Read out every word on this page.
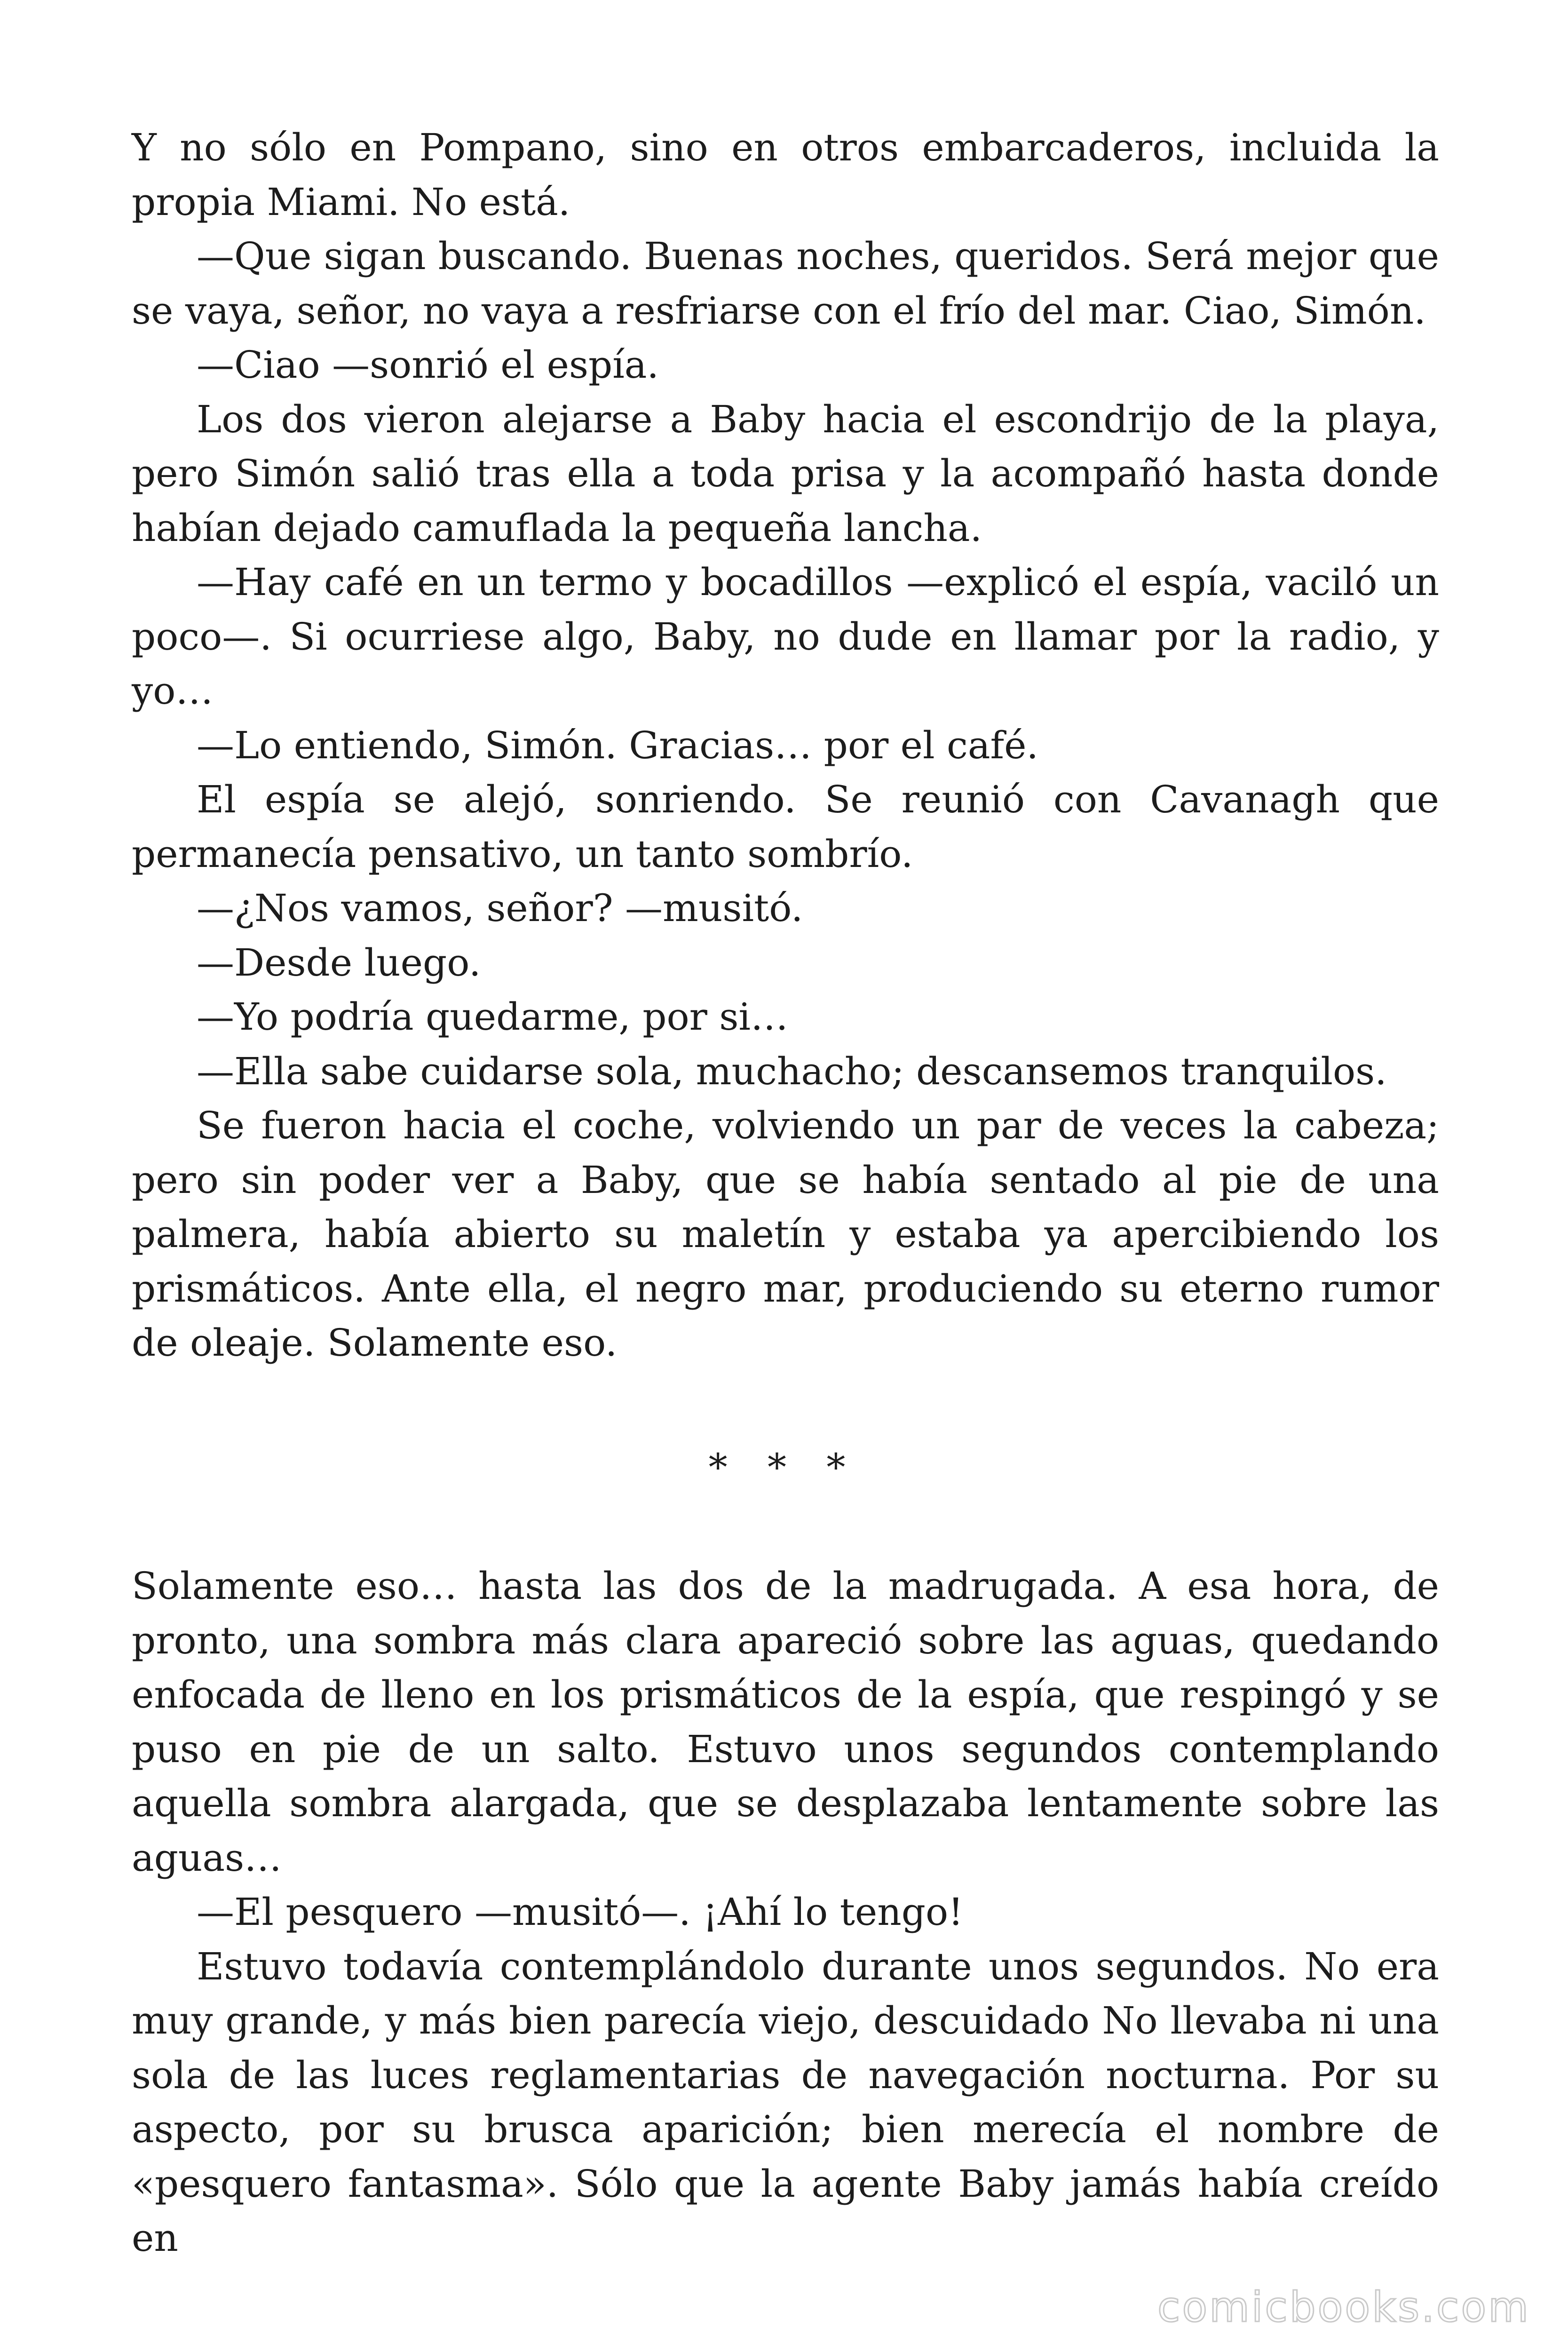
Y no sólo en Pompano, sino en otros embarcaderos, incluida la propia Miami. No está.

—Que sigan buscando. Buenas noches, queridos. Será mejor que se vaya, señor, no vaya a resfriarse con el frío del mar. Ciao, Simón.

—Ciao —sonrió el espía.

Los dos vieron alejarse a Baby hacia el escondrijo de la playa, pero Simón salió tras ella a toda prisa y la acompañó hasta donde habían dejado camuflada la pequeña lancha.

—Hay café en un termo y bocadillos —explicó el espía, vaciló un poco—. Si ocurriese algo, Baby, no dude en llamar por la radio, y yo…

—Lo entiendo, Simón. Gracias… por el café.

El espía se alejó, sonriendo. Se reunió con Cavanagh que permanecía pensativo, un tanto sombrío.

—¿Nos vamos, señor? —musitó.

—Desde luego.

—Yo podría quedarme, por si…

—Ella sabe cuidarse sola, muchacho; descansemos tranquilos.

Se fueron hacia el coche, volviendo un par de veces la cabeza; pero sin poder ver a Baby, que se había sentado al pie de una palmera, había abierto su maletín y estaba ya apercibiendo los prismáticos. Ante ella, el negro mar, produciendo su eterno rumor de oleaje. Solamente eso.

* * *

Solamente eso… hasta las dos de la madrugada. A esa hora, de pronto, una sombra más clara apareció sobre las aguas, quedando enfocada de lleno en los prismáticos de la espía, que respingó y se puso en pie de un salto. Estuvo unos segundos contemplando aquella sombra alargada, que se desplazaba lentamente sobre las aguas…

—El pesquero —musitó—. ¡Ahí lo tengo!

Estuvo todavía contemplándolo durante unos segundos. No era muy grande, y más bien parecía viejo, descuidado No llevaba ni una sola de las luces reglamentarias de navegación nocturna. Por su aspecto, por su brusca aparición; bien merecía el nombre de «pesquero fantasma». Sólo que la agente Baby jamás había creído en

comicbooks.com
